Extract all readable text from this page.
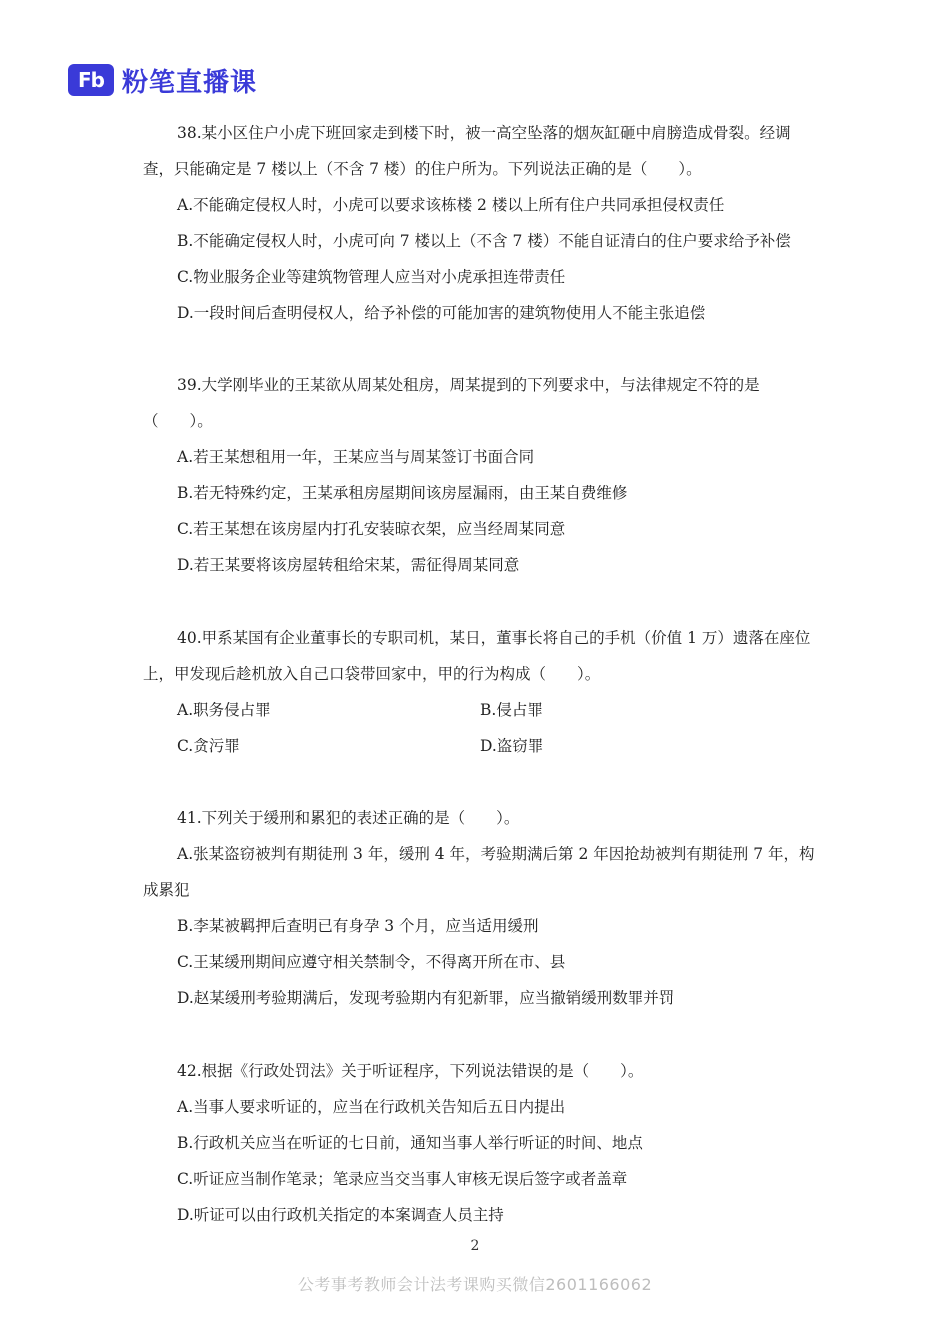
Fb 粉笔直播课

38.某小区住户小虎下班回家走到楼下时，被一高空坠落的烟灰缸砸中肩膀造成骨裂。经调查，只能确定是 7 楼以上（不含 7 楼）的住户所为。下列说法正确的是（　　）。

A.不能确定侵权人时，小虎可以要求该栋楼 2 楼以上所有住户共同承担侵权责任

B.不能确定侵权人时，小虎可向 7 楼以上（不含 7 楼）不能自证清白的住户要求给予补偿

C.物业服务企业等建筑物管理人应当对小虎承担连带责任

D.一段时间后查明侵权人，给予补偿的可能加害的建筑物使用人不能主张追偿

39.大学刚毕业的王某欲从周某处租房，周某提到的下列要求中，与法律规定不符的是（　　）。

A.若王某想租用一年，王某应当与周某签订书面合同

B.若无特殊约定，王某承租房屋期间该房屋漏雨，由王某自费维修

C.若王某想在该房屋内打孔安装晾衣架，应当经周某同意

D.若王某要将该房屋转租给宋某，需征得周某同意

40.甲系某国有企业董事长的专职司机，某日，董事长将自己的手机（价值 1 万）遗落在座位上，甲发现后趁机放入自己口袋带回家中，甲的行为构成（　　）。

A.职务侵占罪	B.侵占罪
C.贪污罪	D.盗窃罪

41.下列关于缓刑和累犯的表述正确的是（　　）。

A.张某盗窃被判有期徒刑 3 年，缓刑 4 年，考验期满后第 2 年因抢劫被判有期徒刑 7 年，构成累犯

B.李某被羁押后查明已有身孕 3 个月，应当适用缓刑

C.王某缓刑期间应遵守相关禁制令，不得离开所在市、县

D.赵某缓刑考验期满后，发现考验期内有犯新罪，应当撤销缓刑数罪并罚

42.根据《行政处罚法》关于听证程序，下列说法错误的是（　　）。

A.当事人要求听证的，应当在行政机关告知后五日内提出

B.行政机关应当在听证的七日前，通知当事人举行听证的时间、地点

C.听证应当制作笔录；笔录应当交当事人审核无误后签字或者盖章

D.听证可以由行政机关指定的本案调查人员主持

2
公考事考教师会计法考课购买微信2601166062
